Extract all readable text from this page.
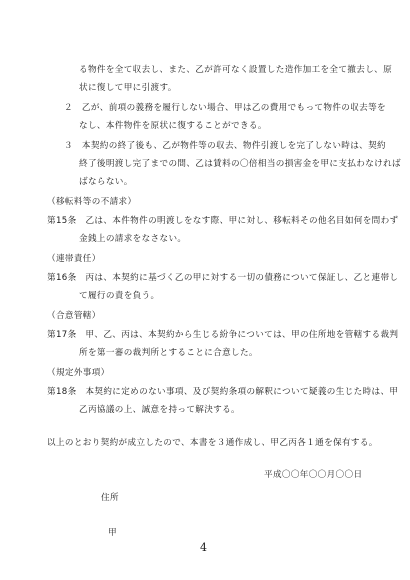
る物件を全て収去し、また、乙が許可なく設置した造作加工を全て撤去し、原
状に復して甲に引渡す。
２　乙が、前項の義務を履行しない場合、甲は乙の費用でもって物件の収去等を
なし、本件物件を原状に復することができる。
３　本契約の終了後も、乙が物件等の収去、物件引渡しを完了しない時は、契約
終了後明渡し完了までの間、乙は賃料の〇倍相当の損害金を甲に支払わなければ
ばならない。
（移転料等の不請求）
第15条　乙は、本件物件の明渡しをなす際、甲に対し、移転料その他名目如何を問わず
金銭上の請求をなさない。
（連帯責任）
第16条　丙は、本契約に基づく乙の甲に対する一切の債務について保証し、乙と連帯し
て履行の責を負う。
（合意管轄）
第17条　甲、乙、丙は、本契約から生じる紛争については、甲の住所地を管轄する裁判
所を第一審の裁判所とすることに合意した。
（規定外事項）
第18条　本契約に定めのない事項、及び契約条項の解釈について疑義の生じた時は、甲
乙丙協議の上、誠意を持って解決する。
以上のとおり契約が成立したので、本書を３通作成し、甲乙丙各１通を保有する。
平成〇〇年〇〇月〇〇日
住所
甲
4
